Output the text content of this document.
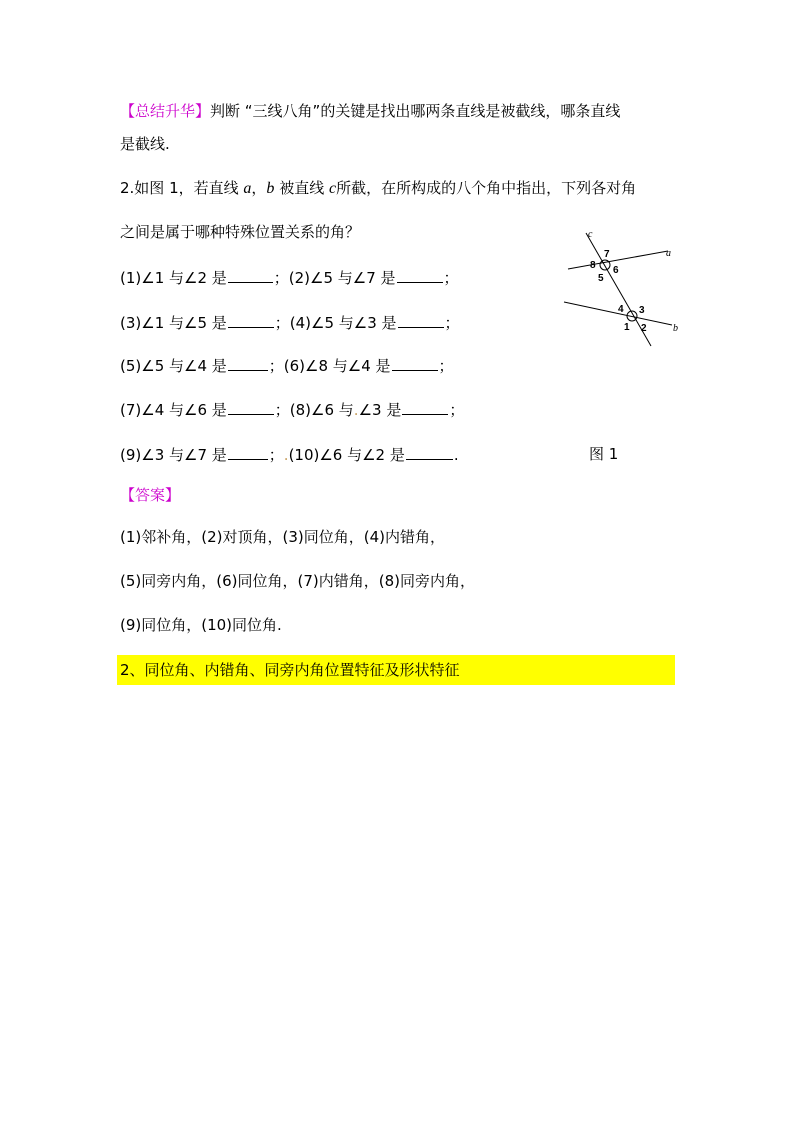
【总结升华】判断 “三线八角”的关键是找出哪两条直线是被截线，哪条直线
是截线.
2.如图 1，若直线 a，b 被直线 c所截，在所构成的八个角中指出，下列各对角
之间是属于哪种特殊位置关系的角？
(1)∠1 与∠2 是	；(2)∠5 与∠7 是	；
(3)∠1 与∠5 是	；(4)∠5 与∠3 是	；
(5)∠5 与∠4 是	；(6)∠8 与∠4 是	；
(7)∠4 与∠6 是	；(8)∠6 与.∠3 是	；
(9)∠3 与∠7 是	；.(10)∠6 与∠2 是	.
c
a
b
7
8 6
5
4 3
1 2
图 1
【答案】
(1)邻补角，(2)对顶角，(3)同位角，(4)内错角，
(5)同旁内角，(6)同位角，(7)内错角，(8)同旁内角，
(9)同位角，(10)同位角.
2、同位角、内错角、同旁内角位置特征及形状特征
